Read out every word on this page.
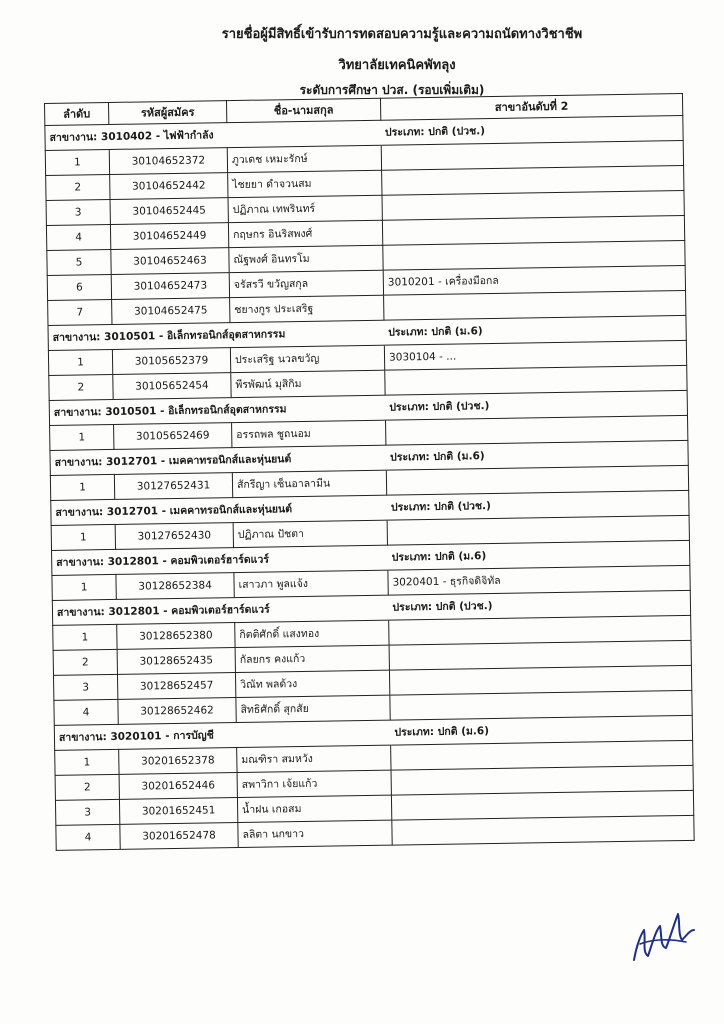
รายชื่อผู้มีสิทธิ์เข้ารับการทดสอบความรู้และความถนัดทางวิชาชีพ
วิทยาลัยเทคนิคพัทลุง
ระดับการศึกษา ปวส. (รอบเพิ่มเติม)
ลำดับ	รหัสผู้สมัคร	ชื่อ-นามสกุล	สาขาอันดับที่ 2
สาขางาน: 3010402 - ไฟฟ้ากำลัง			ประเภท: ปกติ (ปวช.)
1	30104652372	ภูวเดช เหมะรักษ์	
2	30104652442	ไชยยา ดำจวนสม	
3	30104652445	ปฏิภาณ เทพรินทร์	
4	30104652449	กฤษกร อินริสพงศ์	
5	30104652463	ณัฐพงศ์ อินทรโม	
6	30104652473	จรัสรวี ขวัญสกุล	3010201 - เครื่องมือกล
7	30104652475	ชยางกูร ประเสริฐ	
สาขางาน: 3010501 - อิเล็กทรอนิกส์อุตสาหกรรม			ประเภท: ปกติ (ม.6)
1	30105652379	ประเสริฐ นวลขวัญ	3030104 - ...
2	30105652454	พีรพัฒน์ มุสิกิม	
สาขางาน: 3010501 - อิเล็กทรอนิกส์อุตสาหกรรม			ประเภท: ปกติ (ปวช.)
1	30105652469	อรรถพล ชูถนอม	
สาขางาน: 3012701 - เมคคาทรอนิกส์และหุ่นยนต์			ประเภท: ปกติ (ม.6)
1	30127652431	สักรีญา เซ็นอาลามีน	
สาขางาน: 3012701 - เมคคาทรอนิกส์และหุ่นยนต์			ประเภท: ปกติ (ปวช.)
1	30127652430	ปฏิภาณ ปัชตา	
สาขางาน: 3012801 - คอมพิวเตอร์ฮาร์ดแวร์			ประเภท: ปกติ (ม.6)
1	30128652384	เสาวภา พูลแจ้ง	3020401 - ธุรกิจดิจิทัล
สาขางาน: 3012801 - คอมพิวเตอร์ฮาร์ดแวร์			ประเภท: ปกติ (ปวช.)
1	30128652380	กิตติศักดิ์ แสงทอง	
2	30128652435	กัลยกร คงแก้ว	
3	30128652457	วิณัท พลด้วง	
4	30128652462	สิทธิศักดิ์ สุกสัย	
สาขางาน: 3020101 - การบัญชี			ประเภท: ปกติ (ม.6)
1	30201652378	มณฑิรา สมหวัง	
2	30201652446	สพาวิกา เจ้ยแก้ว	
3	30201652451	น้ำฝน เกอสม	
4	30201652478	ลลิตา นกขาว	
